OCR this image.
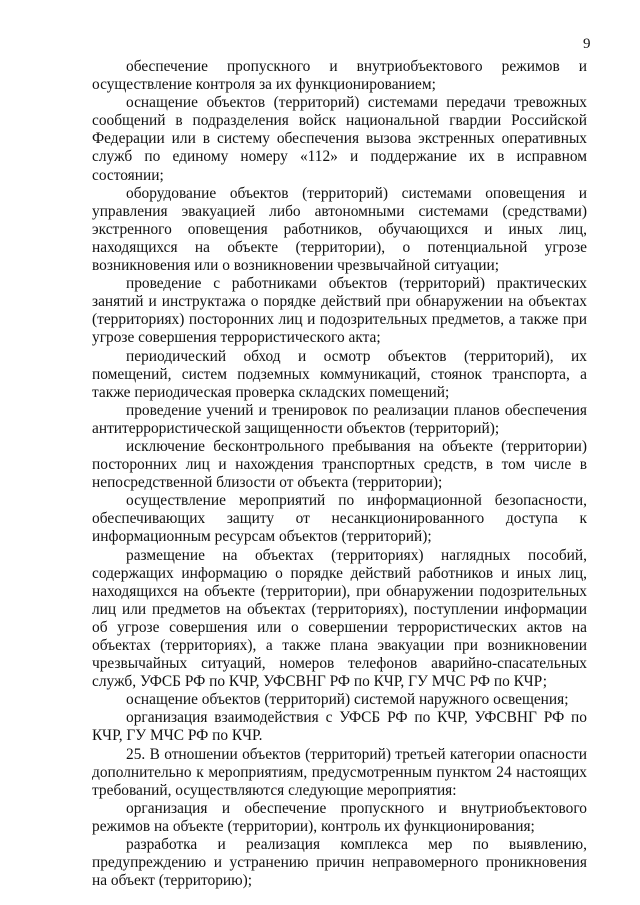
9

обеспечение пропускного и внутриобъектового режимов и осуществление контроля за их функционированием;

оснащение объектов (территорий) системами передачи тревожных сообщений в подразделения войск национальной гвардии Российской Федерации или в систему обеспечения вызова экстренных оперативных служб по единому номеру «112» и поддержание их в исправном состоянии;

оборудование объектов (территорий) системами оповещения и управления эвакуацией либо автономными системами (средствами) экстренного оповещения работников, обучающихся и иных лиц, находящихся на объекте (территории), о потенциальной угрозе возникновения или о возникновении чрезвычайной ситуации;

проведение с работниками объектов (территорий) практических занятий и инструктажа о порядке действий при обнаружении на объектах (территориях) посторонних лиц и подозрительных предметов, а также при угрозе совершения террористического акта;

периодический обход и осмотр объектов (территорий), их помещений, систем подземных коммуникаций, стоянок транспорта, а также периодическая проверка складских помещений;

проведение учений и тренировок по реализации планов обеспечения антитеррористической защищенности объектов (территорий);

исключение бесконтрольного пребывания на объекте (территории) посторонних лиц и нахождения транспортных средств, в том числе в непосредственной близости от объекта (территории);

осуществление мероприятий по информационной безопасности, обеспечивающих защиту от несанкционированного доступа к информационным ресурсам объектов (территорий);

размещение на объектах (территориях) наглядных пособий, содержащих информацию о порядке действий работников и иных лиц, находящихся на объекте (территории), при обнаружении подозрительных лиц или предметов на объектах (территориях), поступлении информации об угрозе совершения или о совершении террористических актов на объектах (территориях), а также плана эвакуации при возникновении чрезвычайных ситуаций, номеров телефонов аварийно-спасательных служб, УФСБ РФ по КЧР, УФСВНГ РФ по КЧР, ГУ МЧС РФ по КЧР;

оснащение объектов (территорий) системой наружного освещения;

организация взаимодействия с УФСБ РФ по КЧР, УФСВНГ РФ по КЧР, ГУ МЧС РФ по КЧР.

25. В отношении объектов (территорий) третьей категории опасности дополнительно к мероприятиям, предусмотренным пунктом 24 настоящих требований, осуществляются следующие мероприятия:

организация и обеспечение пропускного и внутриобъектового режимов на объекте (территории), контроль их функционирования;

разработка и реализация комплекса мер по выявлению, предупреждению и устранению причин неправомерного проникновения на объект (территорию);
